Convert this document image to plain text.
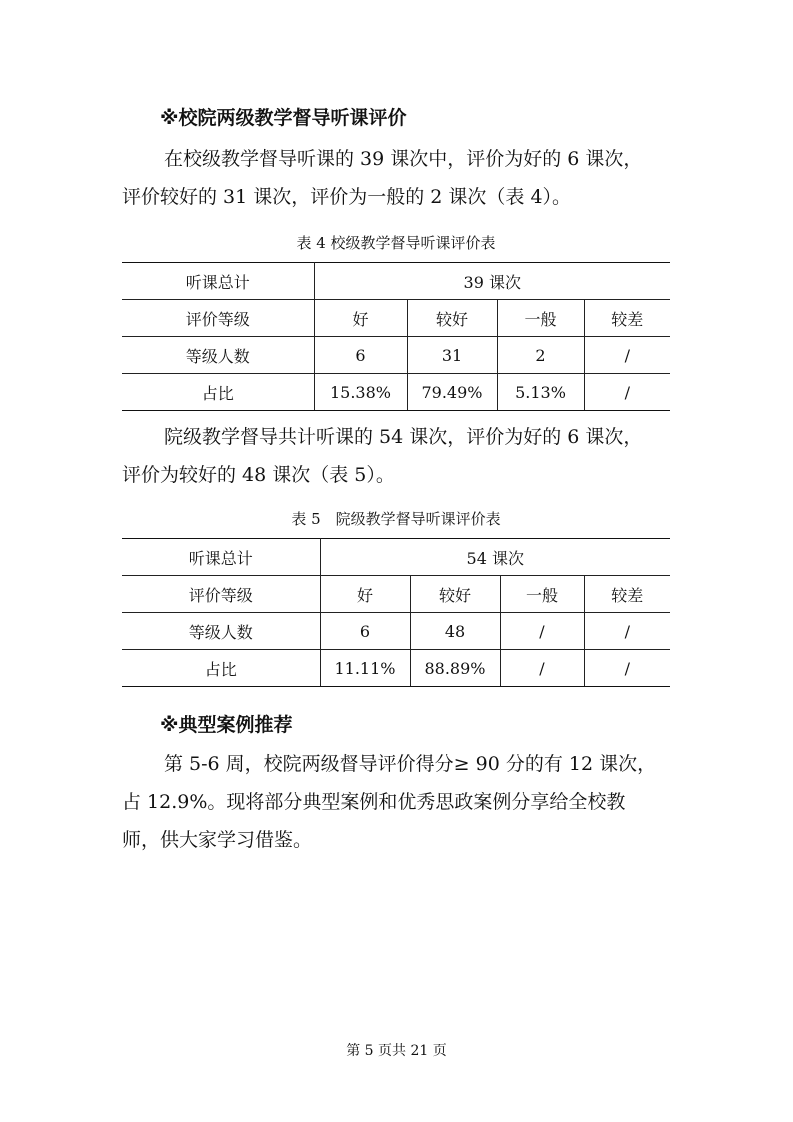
※校院两级教学督导听课评价
在校级教学督导听课的 39 课次中，评价为好的 6 课次，
评价较好的 31 课次，评价为一般的 2 课次（表 4）。
表 4 校级教学督导听课评价表
听课总计	39 课次			
评价等级	好	较好	一般	较差
等级人数	6	31	2	/
占比	15.38%	79.49%	5.13%	/
院级教学督导共计听课的 54 课次，评价为好的 6 课次，
评价为较好的 48 课次（表 5）。
表 5　院级教学督导听课评价表
听课总计	54 课次			
评价等级	好	较好	一般	较差
等级人数	6	48	/	/
占比	11.11%	88.89%	/	/
※典型案例推荐
第 5-6 周，校院两级督导评价得分≥ 90 分的有 12 课次，
占 12.9%。现将部分典型案例和优秀思政案例分享给全校教
师，供大家学习借鉴。
第 5 页共 21 页
